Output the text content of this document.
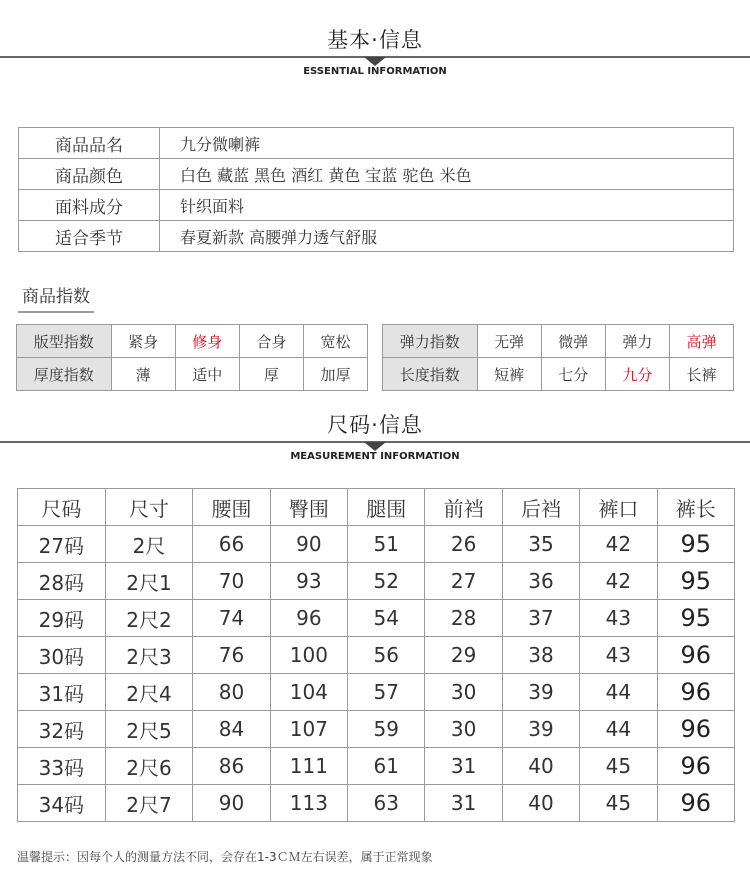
基本·信息
ESSENTIAL INFORMATION
商品品名	九分微喇裤
商品颜色	白色 藏蓝 黑色 酒红 黄色 宝蓝 驼色 米色
面料成分	针织面料
适合季节	春夏新款 高腰弹力透气舒服
商品指数
版型指数	紧身	修身	合身	宽松
厚度指数	薄	适中	厚	加厚
弹力指数	无弹	微弹	弹力	高弹
长度指数	短裤	七分	九分	长裤
尺码·信息
MEASUREMENT INFORMATION
尺码	尺寸	腰围	臀围	腿围	前裆	后裆	裤口	裤长
27码	2尺	66	90	51	26	35	42	95
28码	2尺1	70	93	52	27	36	42	95
29码	2尺2	74	96	54	28	37	43	95
30码	2尺3	76	100	56	29	38	43	96
31码	2尺4	80	104	57	30	39	44	96
32码	2尺5	84	107	59	30	39	44	96
33码	2尺6	86	111	61	31	40	45	96
34码	2尺7	90	113	63	31	40	45	96
温馨提示：因每个人的测量方法不同，会存在1-3ＣＭ左右误差，属于正常现象
